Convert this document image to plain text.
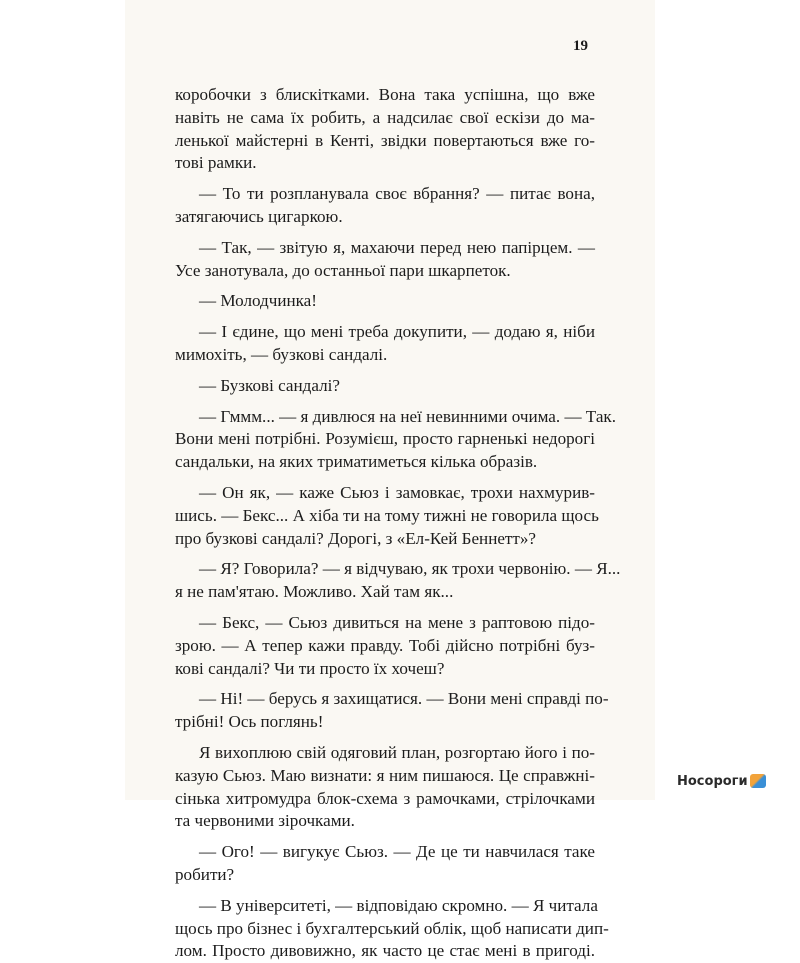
19
коробочки з блискітками. Вона така успішна, що вже
навіть не сама їх робить, а надсилає свої ескізи до ма-
ленької майстерні в Кенті, звідки повертаються вже го-
тові рамки.
— То ти розпланувала своє вбрання? — питає вона,
затягаючись цигаркою.
— Так, — звітую я, махаючи перед нею папірцем. —
Усе занотувала, до останньої пари шкарпеток.
— Молодчинка!
— І єдине, що мені треба докупити, — додаю я, ніби
мимохіть, — бузкові сандалі.
— Бузкові сандалі?
— Гммм... — я дивлюся на неї невинними очима. — Так.
Вони мені потрібні. Розумієш, просто гарненькі недорогі
сандальки, на яких триматиметься кілька образів.
— Он як, — каже Сьюз і замовкає, трохи нахмурив-
шись. — Бекс... А хіба ти на тому тижні не говорила щось
про бузкові сандалі? Дорогі, з «Ел-Кей Беннетт»?
— Я? Говорила? — я відчуваю, як трохи червонію. — Я...
я не пам'ятаю. Можливо. Хай там як...
— Бекс, — Сьюз дивиться на мене з раптовою підо-
зрою. — А тепер кажи правду. Тобі дійсно потрібні буз-
кові сандалі? Чи ти просто їх хочеш?
— Ні! — берусь я захищатися. — Вони мені справді по-
трібні! Ось поглянь!
Я вихоплюю свій одяговий план, розгортаю його і по-
казую Сьюз. Маю визнати: я ним пишаюся. Це справжні-
сінька хитромудра блок-схема з рамочками, стрілочками
та червоними зірочками.
— Ого! — вигукує Сьюз. — Де це ти навчилася таке
робити?
— В університеті, — відповідаю скромно. — Я читала
щось про бізнес і бухгалтерський облік, щоб написати дип-
лом. Просто дивовижно, як часто це стає мені в пригоді.
Носороги
